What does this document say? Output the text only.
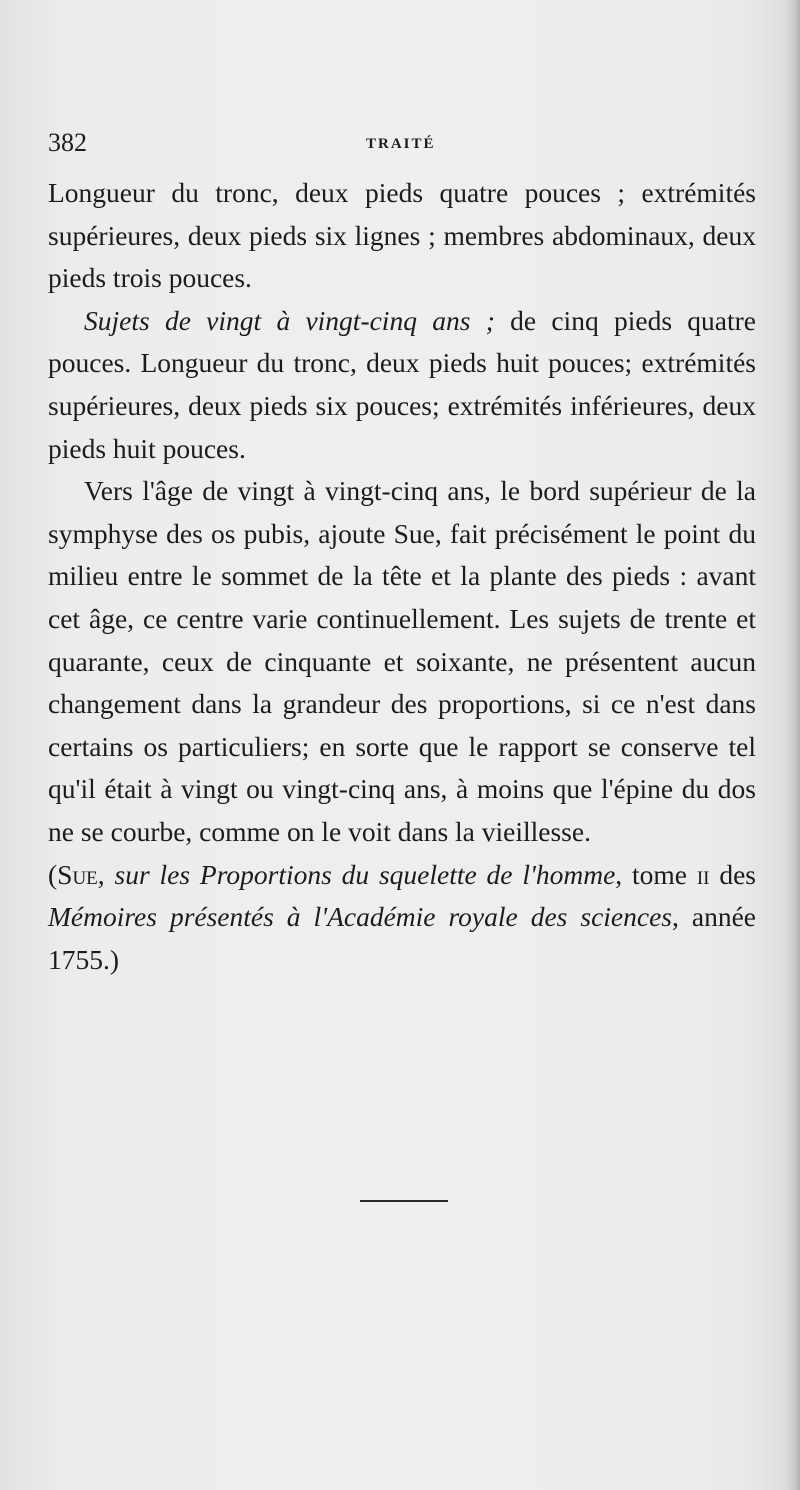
382	TRAITÉ

Longueur du tronc, deux pieds quatre pouces ; extrémités supérieures, deux pieds six lignes ; membres abdominaux, deux pieds trois pouces.

Sujets de vingt à vingt-cinq ans ; de cinq pieds quatre pouces. Longueur du tronc, deux pieds huit pouces; extrémités supérieures, deux pieds six pouces; extrémités inférieures, deux pieds huit pouces.

Vers l'âge de vingt à vingt-cinq ans, le bord supérieur de la symphyse des os pubis, ajoute Sue, fait précisément le point du milieu entre le sommet de la tête et la plante des pieds : avant cet âge, ce centre varie continuellement. Les sujets de trente et quarante, ceux de cinquante et soixante, ne présentent aucun changement dans la grandeur des proportions, si ce n'est dans certains os particuliers; en sorte que le rapport se conserve tel qu'il était à vingt ou vingt-cinq ans, à moins que l'épine du dos ne se courbe, comme on le voit dans la vieillesse.

(Sue, sur les Proportions du squelette de l'homme, tome ii des Mémoires présentés à l'Académie royale des sciences, année 1755.)
